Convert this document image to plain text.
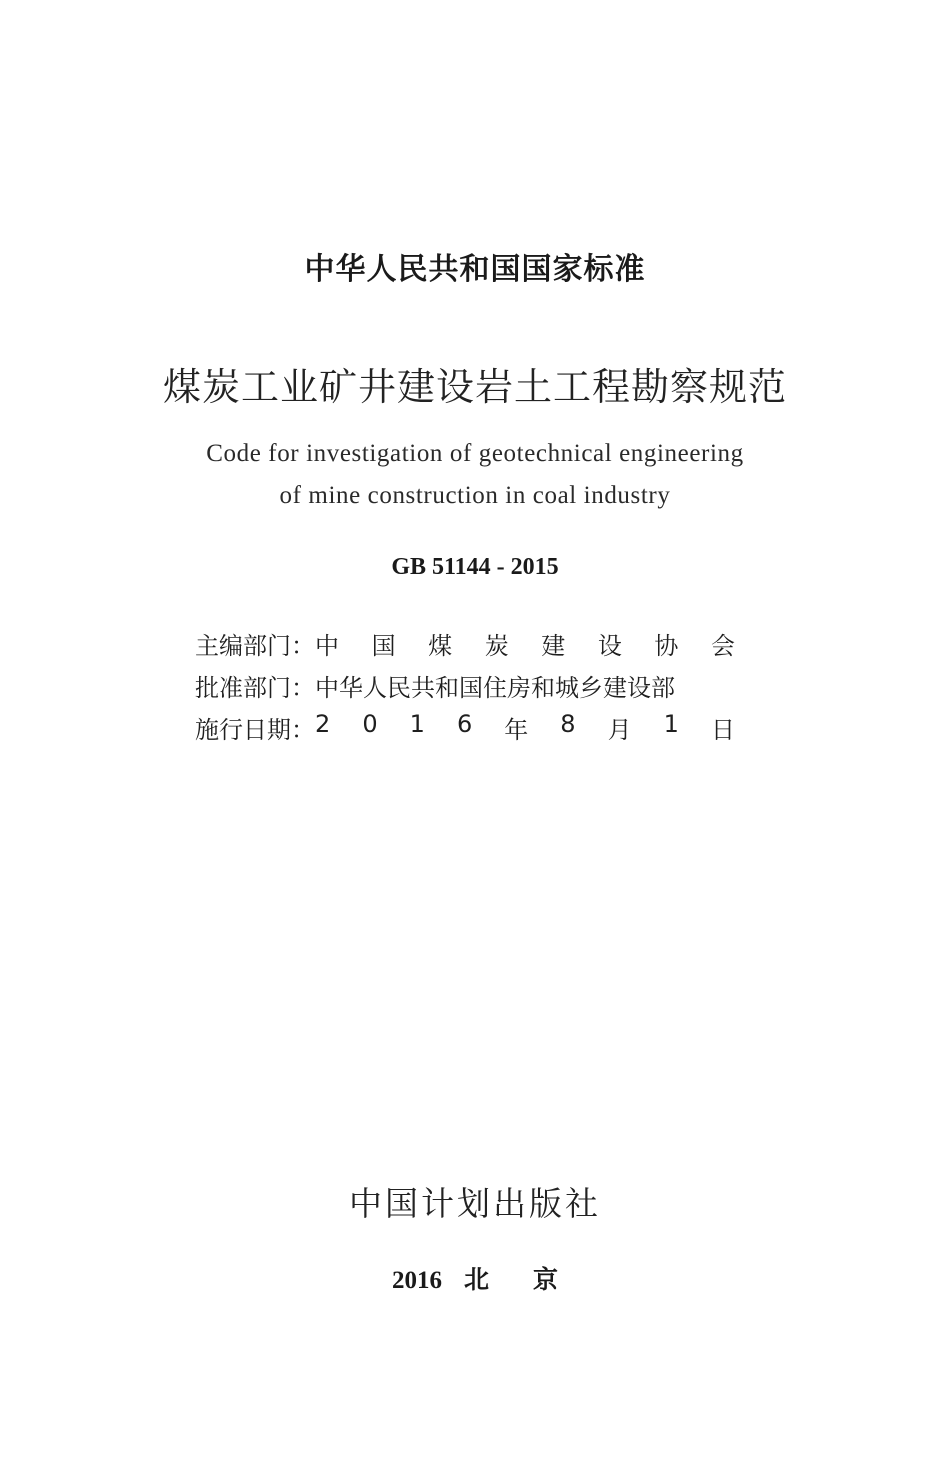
中华人民共和国国家标准
煤炭工业矿井建设岩土工程勘察规范
Code for investigation of geotechnical engineering
of mine construction in coal industry
GB 51144 - 2015
主编部门： 中 国 煤 炭 建 设 协 会
批准部门： 中华人民共和国住房和城乡建设部
施行日期： 2 0 1 6 年 8 月 1 日
中国计划出版社
2016 北 京
